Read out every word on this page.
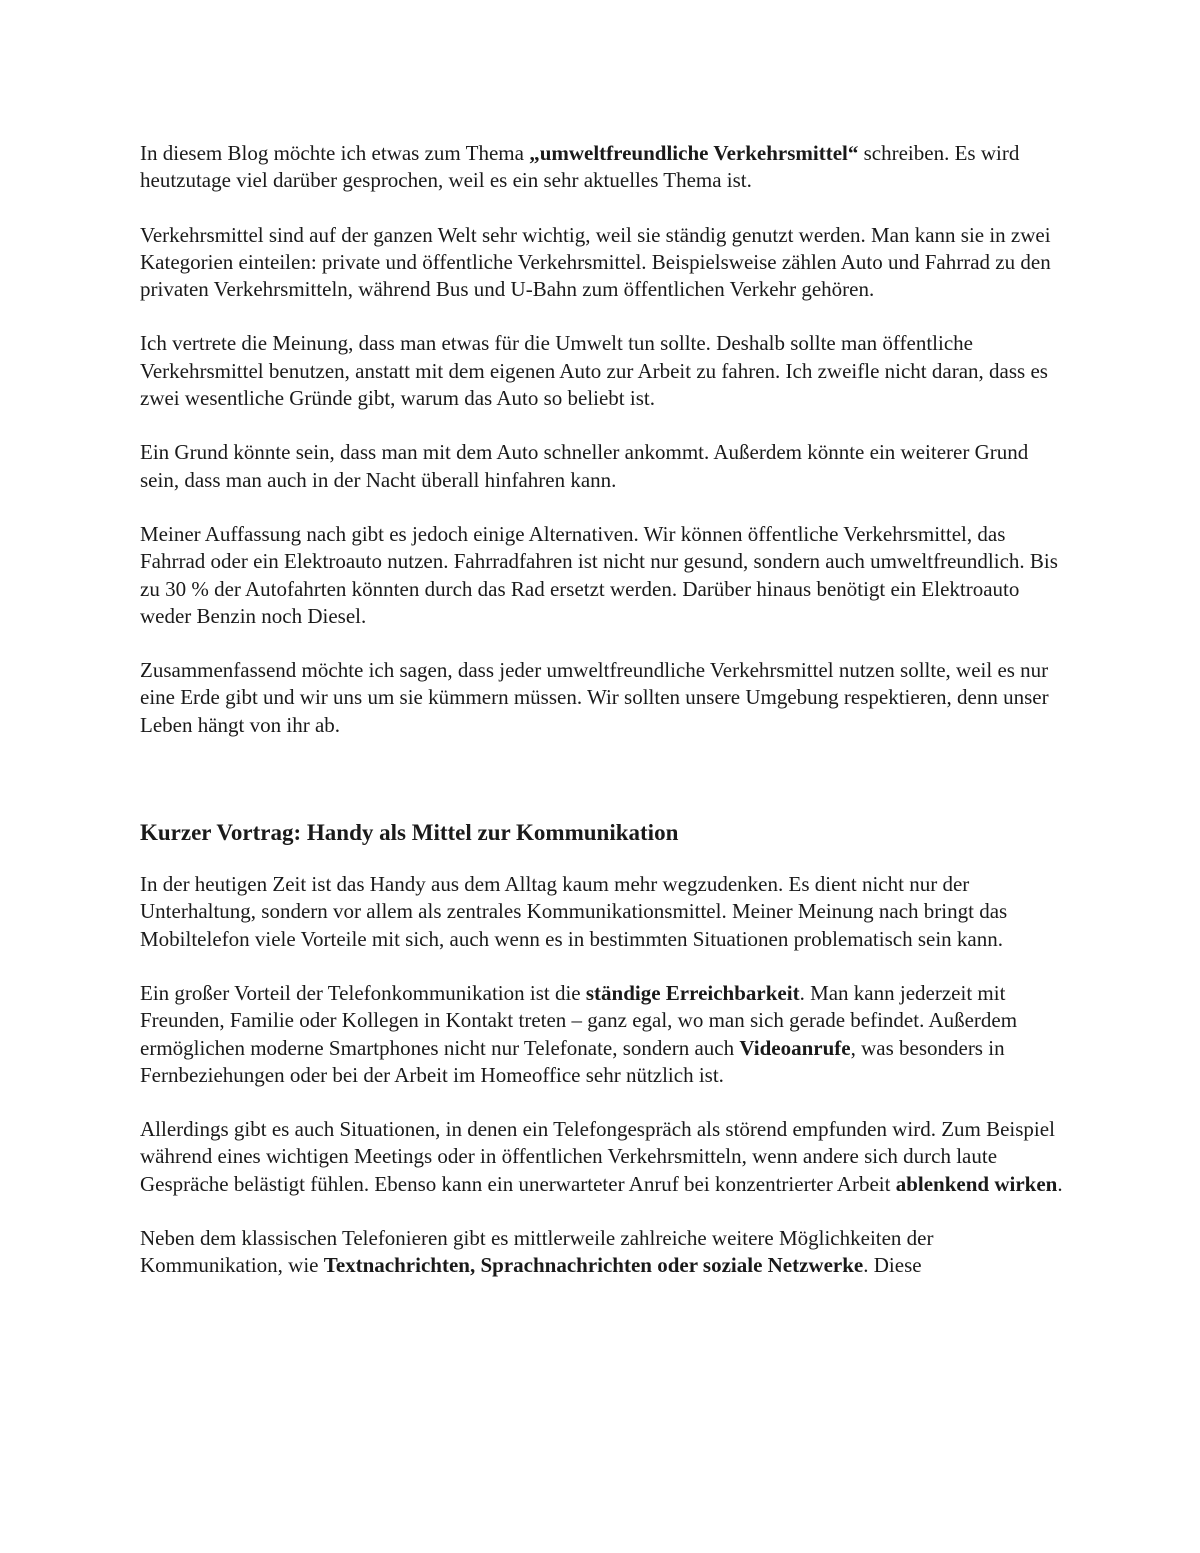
In diesem Blog möchte ich etwas zum Thema „umweltfreundliche Verkehrsmittel“ schreiben. Es wird heutzutage viel darüber gesprochen, weil es ein sehr aktuelles Thema ist.

Verkehrsmittel sind auf der ganzen Welt sehr wichtig, weil sie ständig genutzt werden. Man kann sie in zwei Kategorien einteilen: private und öffentliche Verkehrsmittel. Beispielsweise zählen Auto und Fahrrad zu den privaten Verkehrsmitteln, während Bus und U-Bahn zum öffentlichen Verkehr gehören.

Ich vertrete die Meinung, dass man etwas für die Umwelt tun sollte. Deshalb sollte man öffentliche Verkehrsmittel benutzen, anstatt mit dem eigenen Auto zur Arbeit zu fahren. Ich zweifle nicht daran, dass es zwei wesentliche Gründe gibt, warum das Auto so beliebt ist.

Ein Grund könnte sein, dass man mit dem Auto schneller ankommt. Außerdem könnte ein weiterer Grund sein, dass man auch in der Nacht überall hinfahren kann.

Meiner Auffassung nach gibt es jedoch einige Alternativen. Wir können öffentliche Verkehrsmittel, das Fahrrad oder ein Elektroauto nutzen. Fahrradfahren ist nicht nur gesund, sondern auch umweltfreundlich. Bis zu 30 % der Autofahrten könnten durch das Rad ersetzt werden. Darüber hinaus benötigt ein Elektroauto weder Benzin noch Diesel.

Zusammenfassend möchte ich sagen, dass jeder umweltfreundliche Verkehrsmittel nutzen sollte, weil es nur eine Erde gibt und wir uns um sie kümmern müssen. Wir sollten unsere Umgebung respektieren, denn unser Leben hängt von ihr ab.

Kurzer Vortrag: Handy als Mittel zur Kommunikation

In der heutigen Zeit ist das Handy aus dem Alltag kaum mehr wegzudenken. Es dient nicht nur der Unterhaltung, sondern vor allem als zentrales Kommunikationsmittel. Meiner Meinung nach bringt das Mobiltelefon viele Vorteile mit sich, auch wenn es in bestimmten Situationen problematisch sein kann.

Ein großer Vorteil der Telefonkommunikation ist die ständige Erreichbarkeit. Man kann jederzeit mit Freunden, Familie oder Kollegen in Kontakt treten – ganz egal, wo man sich gerade befindet. Außerdem ermöglichen moderne Smartphones nicht nur Telefonate, sondern auch Videoanrufe, was besonders in Fernbeziehungen oder bei der Arbeit im Homeoffice sehr nützlich ist.

Allerdings gibt es auch Situationen, in denen ein Telefongespräch als störend empfunden wird. Zum Beispiel während eines wichtigen Meetings oder in öffentlichen Verkehrsmitteln, wenn andere sich durch laute Gespräche belästigt fühlen. Ebenso kann ein unerwarteter Anruf bei konzentrierter Arbeit ablenkend wirken.

Neben dem klassischen Telefonieren gibt es mittlerweile zahlreiche weitere Möglichkeiten der Kommunikation, wie Textnachrichten, Sprachnachrichten oder soziale Netzwerke. Diese
